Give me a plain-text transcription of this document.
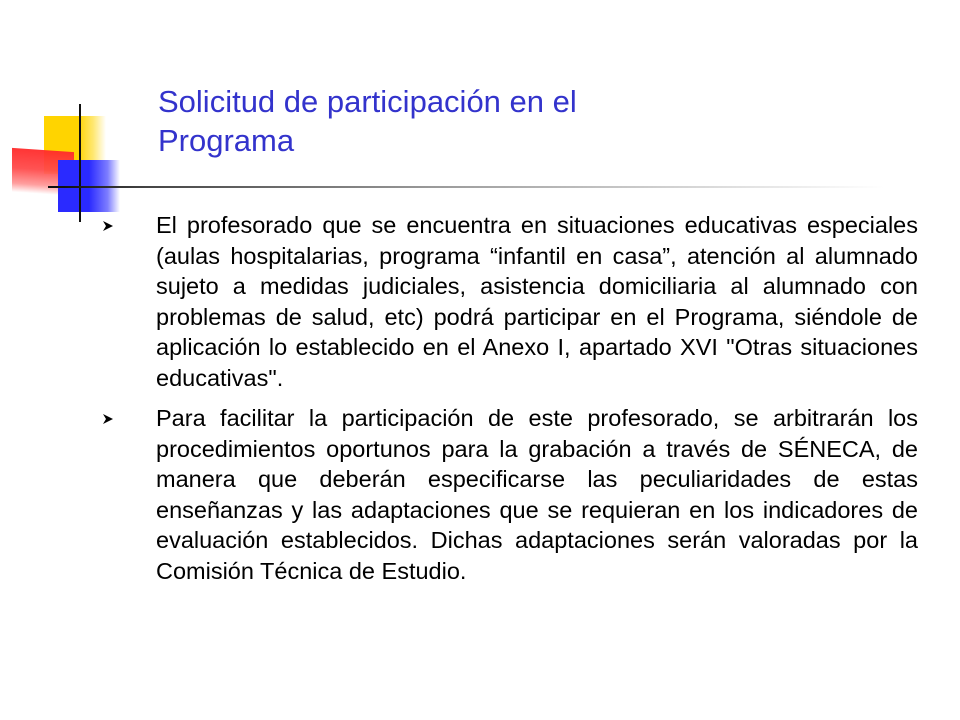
Solicitud de participación en el
Programa
El profesorado que se encuentra en situaciones educativas especiales (aulas hospitalarias, programa “infantil en casa”, atención al alumnado sujeto a medidas judiciales, asistencia domiciliaria al alumnado con problemas de salud, etc) podrá participar en el Programa, siéndole de aplicación lo establecido en el Anexo I, apartado XVI "Otras situaciones educativas".
Para facilitar la participación de este profesorado, se arbitrarán los procedimientos oportunos para la grabación a través de SÉNECA, de manera que deberán especificarse las peculiaridades de estas enseñanzas y las adaptaciones que se requieran en los indicadores de evaluación establecidos. Dichas adaptaciones serán valoradas por la Comisión Técnica de Estudio.
